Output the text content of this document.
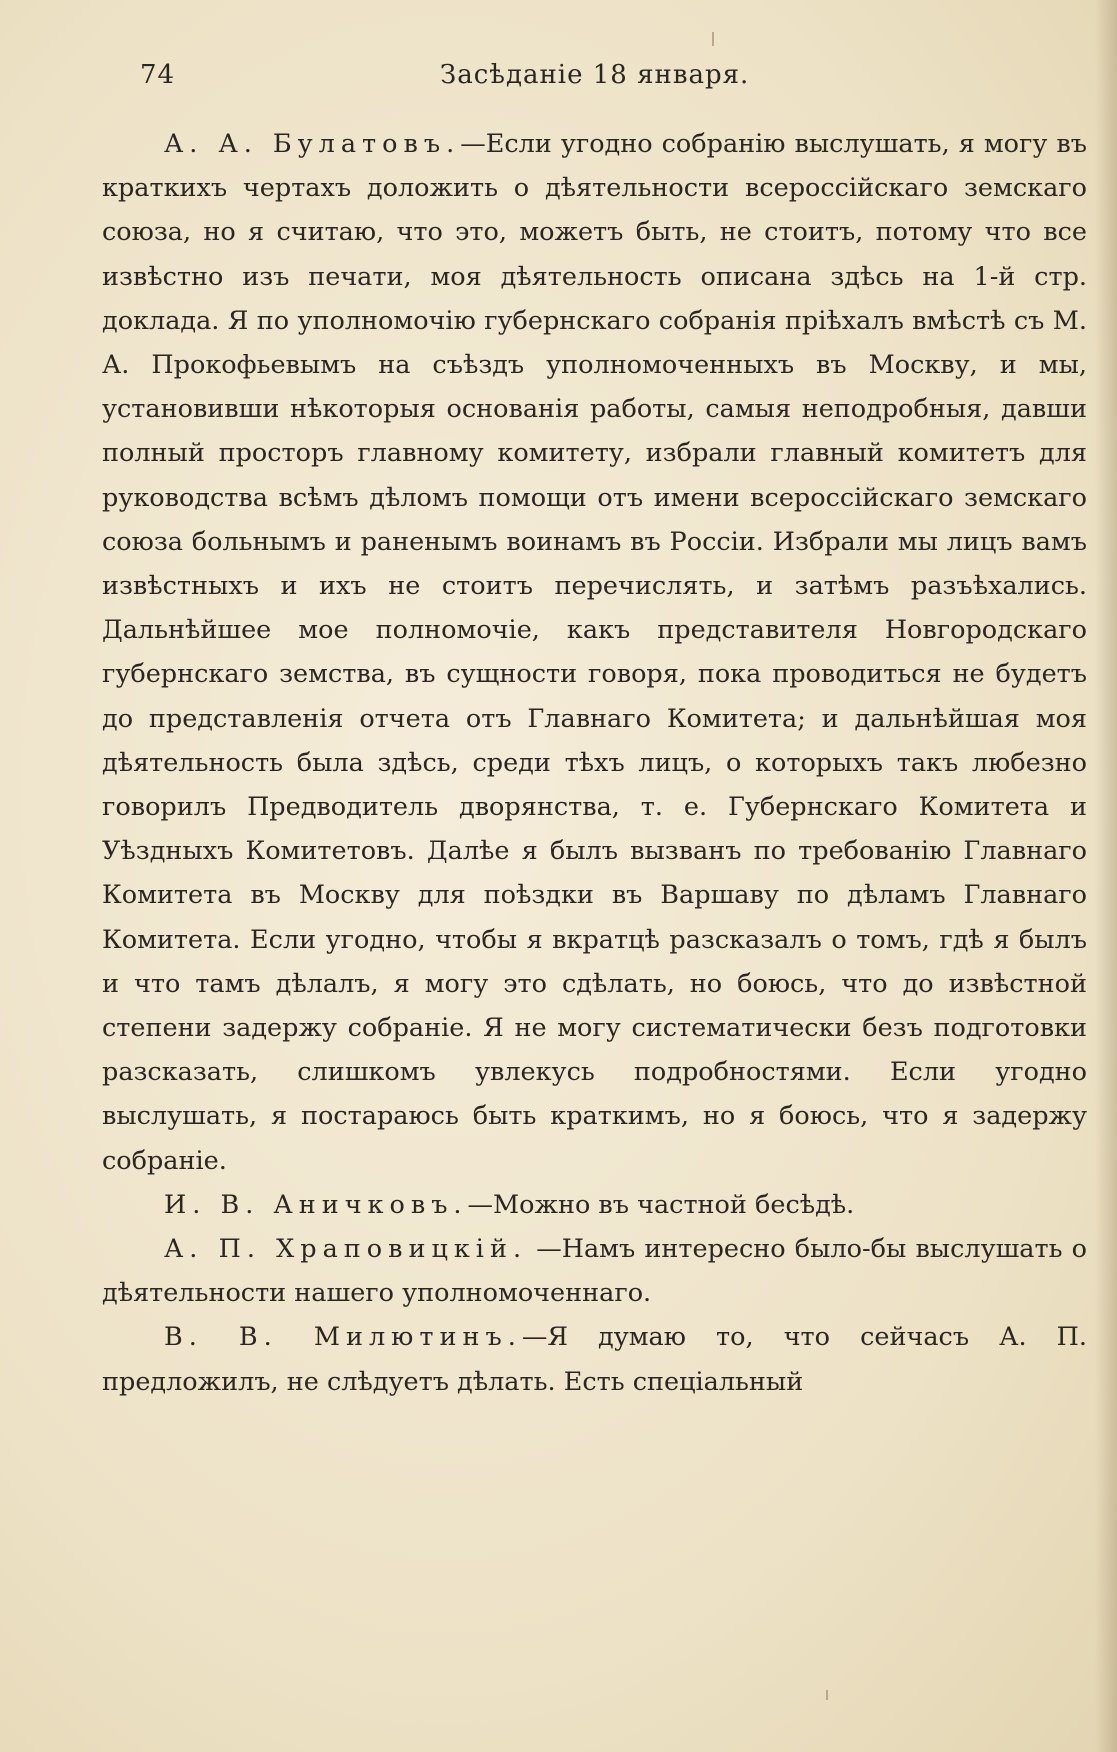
74	Засѣданіе 18 января.

А. А. Булатовъ.—Если угодно собранію выслушать, я могу въ краткихъ чертахъ доложить о дѣятельности всероссійскаго земскаго союза, но я считаю, что это, можетъ быть, не стоитъ, потому что все извѣстно изъ печати, моя дѣятельность описана здѣсь на 1-й стр. доклада. Я по уполномочію губернскаго собранія пріѣхалъ вмѣстѣ съ М. А. Прокофьевымъ на съѣздъ уполномоченныхъ въ Москву, и мы, установивши нѣкоторыя основанія работы, самыя неподробныя, давши полный просторъ главному комитету, избрали главный комитетъ для руководства всѣмъ дѣломъ помощи отъ имени всероссійскаго земскаго союза больнымъ и раненымъ воинамъ въ Россіи. Избрали мы лицъ вамъ извѣстныхъ и ихъ не стоитъ перечислять, и затѣмъ разъѣхались. Дальнѣйшее мое полномочіе, какъ представителя Новгородскаго губернскаго земства, въ сущности говоря, пока проводиться не будетъ до представленія отчета отъ Главнаго Комитета; и дальнѣйшая моя дѣятельность была здѣсь, среди тѣхъ лицъ, о которыхъ такъ любезно говорилъ Предводитель дворянства, т. е. Губернскаго Комитета и Уѣздныхъ Комитетовъ. Далѣе я былъ вызванъ по требованію Главнаго Комитета въ Москву для поѣздки въ Варшаву по дѣламъ Главнаго Комитета. Если угодно, чтобы я вкратцѣ разсказалъ о томъ, гдѣ я былъ и что тамъ дѣлалъ, я могу это сдѣлать, но боюсь, что до извѣстной степени задержу собраніе. Я не могу систематически безъ подготовки разсказать, слишкомъ увлекусь подробностями. Если угодно выслушать, я постараюсь быть краткимъ, но я боюсь, что я задержу собраніе.

И. В. Аничковъ.—Можно въ частной бесѣдѣ.

А. П. Храповицкій. —Намъ интересно было-бы выслушать о дѣятельности нашего уполномоченнаго.

В. В. Милютинъ.—Я думаю то, что сейчасъ А. П. предложилъ, не слѣдуетъ дѣлать. Есть спеціальный
